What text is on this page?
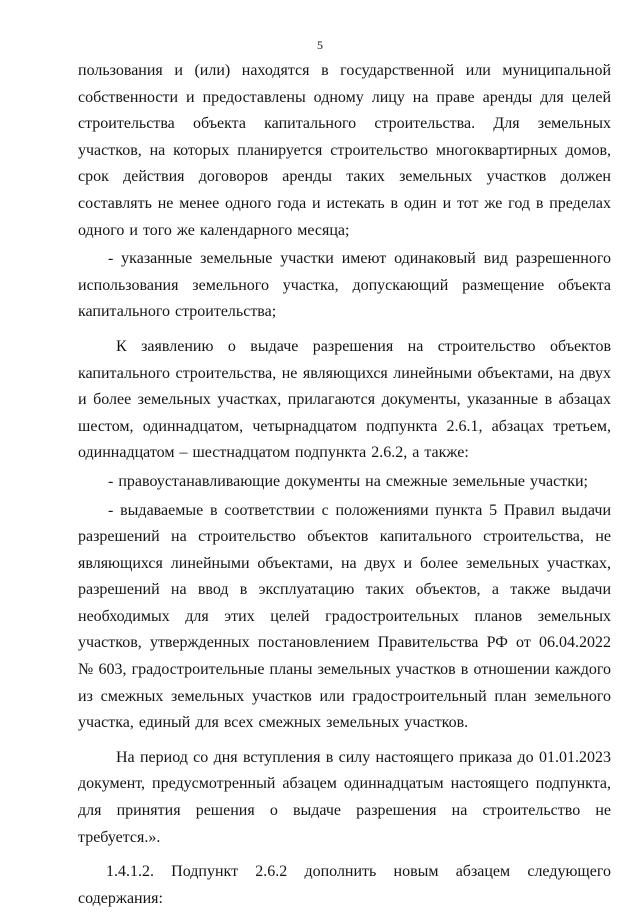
5

пользования и (или) находятся в государственной или муниципальной собственности и предоставлены одному лицу на праве аренды для целей строительства объекта капитального строительства. Для земельных участков, на которых планируется строительство многоквартирных домов, срок действия договоров аренды таких земельных участков должен составлять не менее одного года и истекать в один и тот же год в пределах одного и того же календарного месяца;

- указанные земельные участки имеют одинаковый вид разрешенного использования земельного участка, допускающий размещение объекта капитального строительства;

К заявлению о выдаче разрешения на строительство объектов капитального строительства, не являющихся линейными объектами, на двух и более земельных участках, прилагаются документы, указанные в абзацах шестом, одиннадцатом, четырнадцатом подпункта 2.6.1, абзацах третьем, одиннадцатом – шестнадцатом подпункта 2.6.2, а также:

- правоустанавливающие документы на смежные земельные участки;

- выдаваемые в соответствии с положениями пункта 5 Правил выдачи разрешений на строительство объектов капитального строительства, не являющихся линейными объектами, на двух и более земельных участках, разрешений на ввод в эксплуатацию таких объектов, а также выдачи необходимых для этих целей градостроительных планов земельных участков, утвержденных постановлением Правительства РФ от 06.04.2022 № 603, градостроительные планы земельных участков в отношении каждого из смежных земельных участков или градостроительный план земельного участка, единый для всех смежных земельных участков.

На период со дня вступления в силу настоящего приказа до 01.01.2023 документ, предусмотренный абзацем одиннадцатым настоящего подпункта, для принятия решения о выдаче разрешения на строительство не требуется.».

1.4.1.2. Подпункт 2.6.2 дополнить новым абзацем следующего содержания:
